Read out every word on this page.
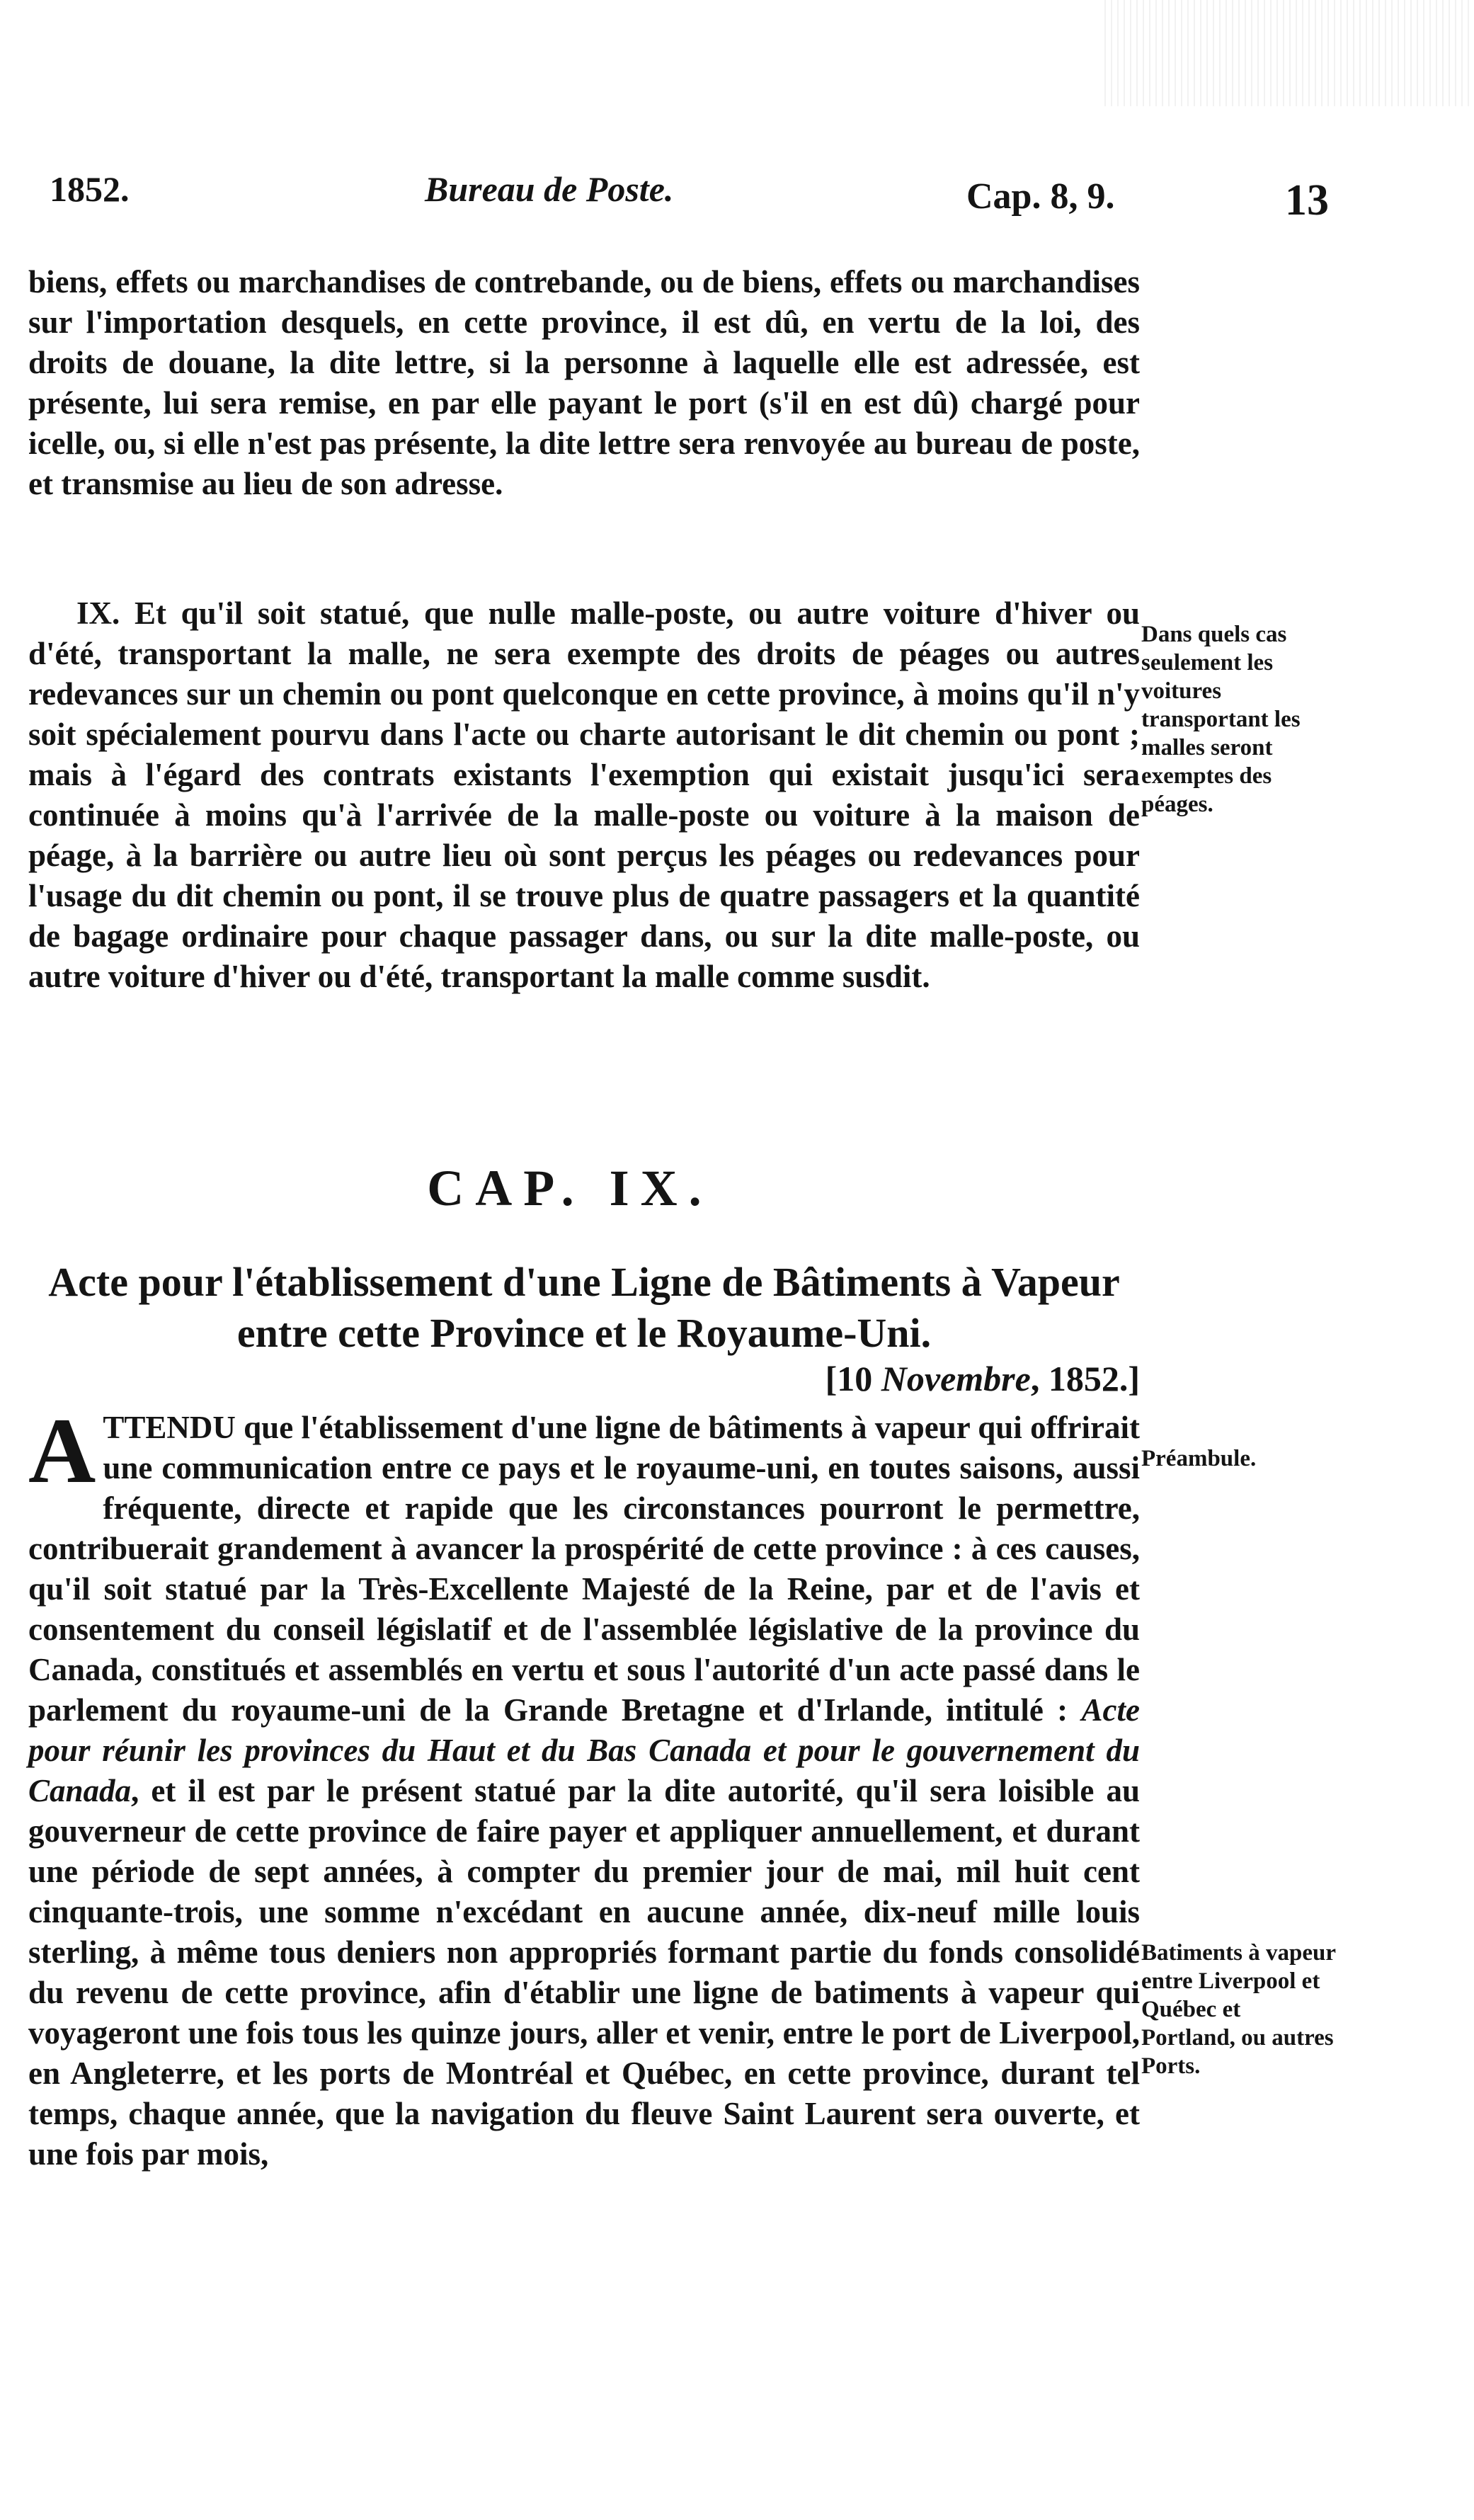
1852.	Bureau de Poste.	Cap. 8, 9.	13
biens, effets ou marchandises de contrebande, ou de biens, effets ou marchandises sur l'importation desquels, en cette province, il est dû, en vertu de la loi, des droits de douane, la dite lettre, si la personne à laquelle elle est adressée, est présente, lui sera remise, en par elle payant le port (s'il en est dû) chargé pour icelle, ou, si elle n'est pas présente, la dite lettre sera renvoyée au bureau de poste, et transmise au lieu de son adresse.
IX. Et qu'il soit statué, que nulle malle-poste, ou autre voiture d'hiver ou d'été, transportant la malle, ne sera exempte des droits de péages ou autres redevances sur un chemin ou pont quelconque en cette province, à moins qu'il n'y soit spécialement pourvu dans l'acte ou charte autorisant le dit chemin ou pont ; mais à l'égard des contrats existants l'exemption qui existait jusqu'ici sera continuée à moins qu'à l'arrivée de la malle-poste ou voiture à la maison de péage, à la barrière ou autre lieu où sont perçus les péages ou redevances pour l'usage du dit chemin ou pont, il se trouve plus de quatre passagers et la quantité de bagage ordinaire pour chaque passager dans, ou sur la dite malle-poste, ou autre voiture d'hiver ou d'été, transportant la malle comme susdit.
Dans quels cas seulement les voitures transportant les malles seront exemptes des péages.
CAP. IX.
Acte pour l'établissement d'une Ligne de Bâtiments à Vapeur entre cette Province et le Royaume-Uni.
[10 Novembre, 1852.]
ATTENDU que l'établissement d'une ligne de bâtiments à vapeur qui offrirait une communication entre ce pays et le royaume-uni, en toutes saisons, aussi fréquente, directe et rapide que les circonstances pourront le permettre, contribuerait grandement à avancer la prospérité de cette province : à ces causes, qu'il soit statué par la Très-Excellente Majesté de la Reine, par et de l'avis et consentement du conseil législatif et de l'assemblée législative de la province du Canada, constitués et assemblés en vertu et sous l'autorité d'un acte passé dans le parlement du royaume-uni de la Grande Bretagne et d'Irlande, intitulé : Acte pour réunir les provinces du Haut et du Bas Canada et pour le gouvernement du Canada, et il est par le présent statué par la dite autorité, qu'il sera loisible au gouverneur de cette province de faire payer et appliquer annuellement, et durant une période de sept années, à compter du premier jour de mai, mil huit cent cinquante-trois, une somme n'excédant en aucune année, dix-neuf mille louis sterling, à même tous deniers non appropriés formant partie du fonds consolidé du revenu de cette province, afin d'établir une ligne de batiments à vapeur qui voyageront une fois tous les quinze jours, aller et venir, entre le port de Liverpool, en Angleterre, et les ports de Montréal et Québec, en cette province, durant tel temps, chaque année, que la navigation du fleuve Saint Laurent sera ouverte, et une fois par mois,
Préambule.
Batiments à vapeur entre Liverpool et Québec et Portland, ou autres Ports.
